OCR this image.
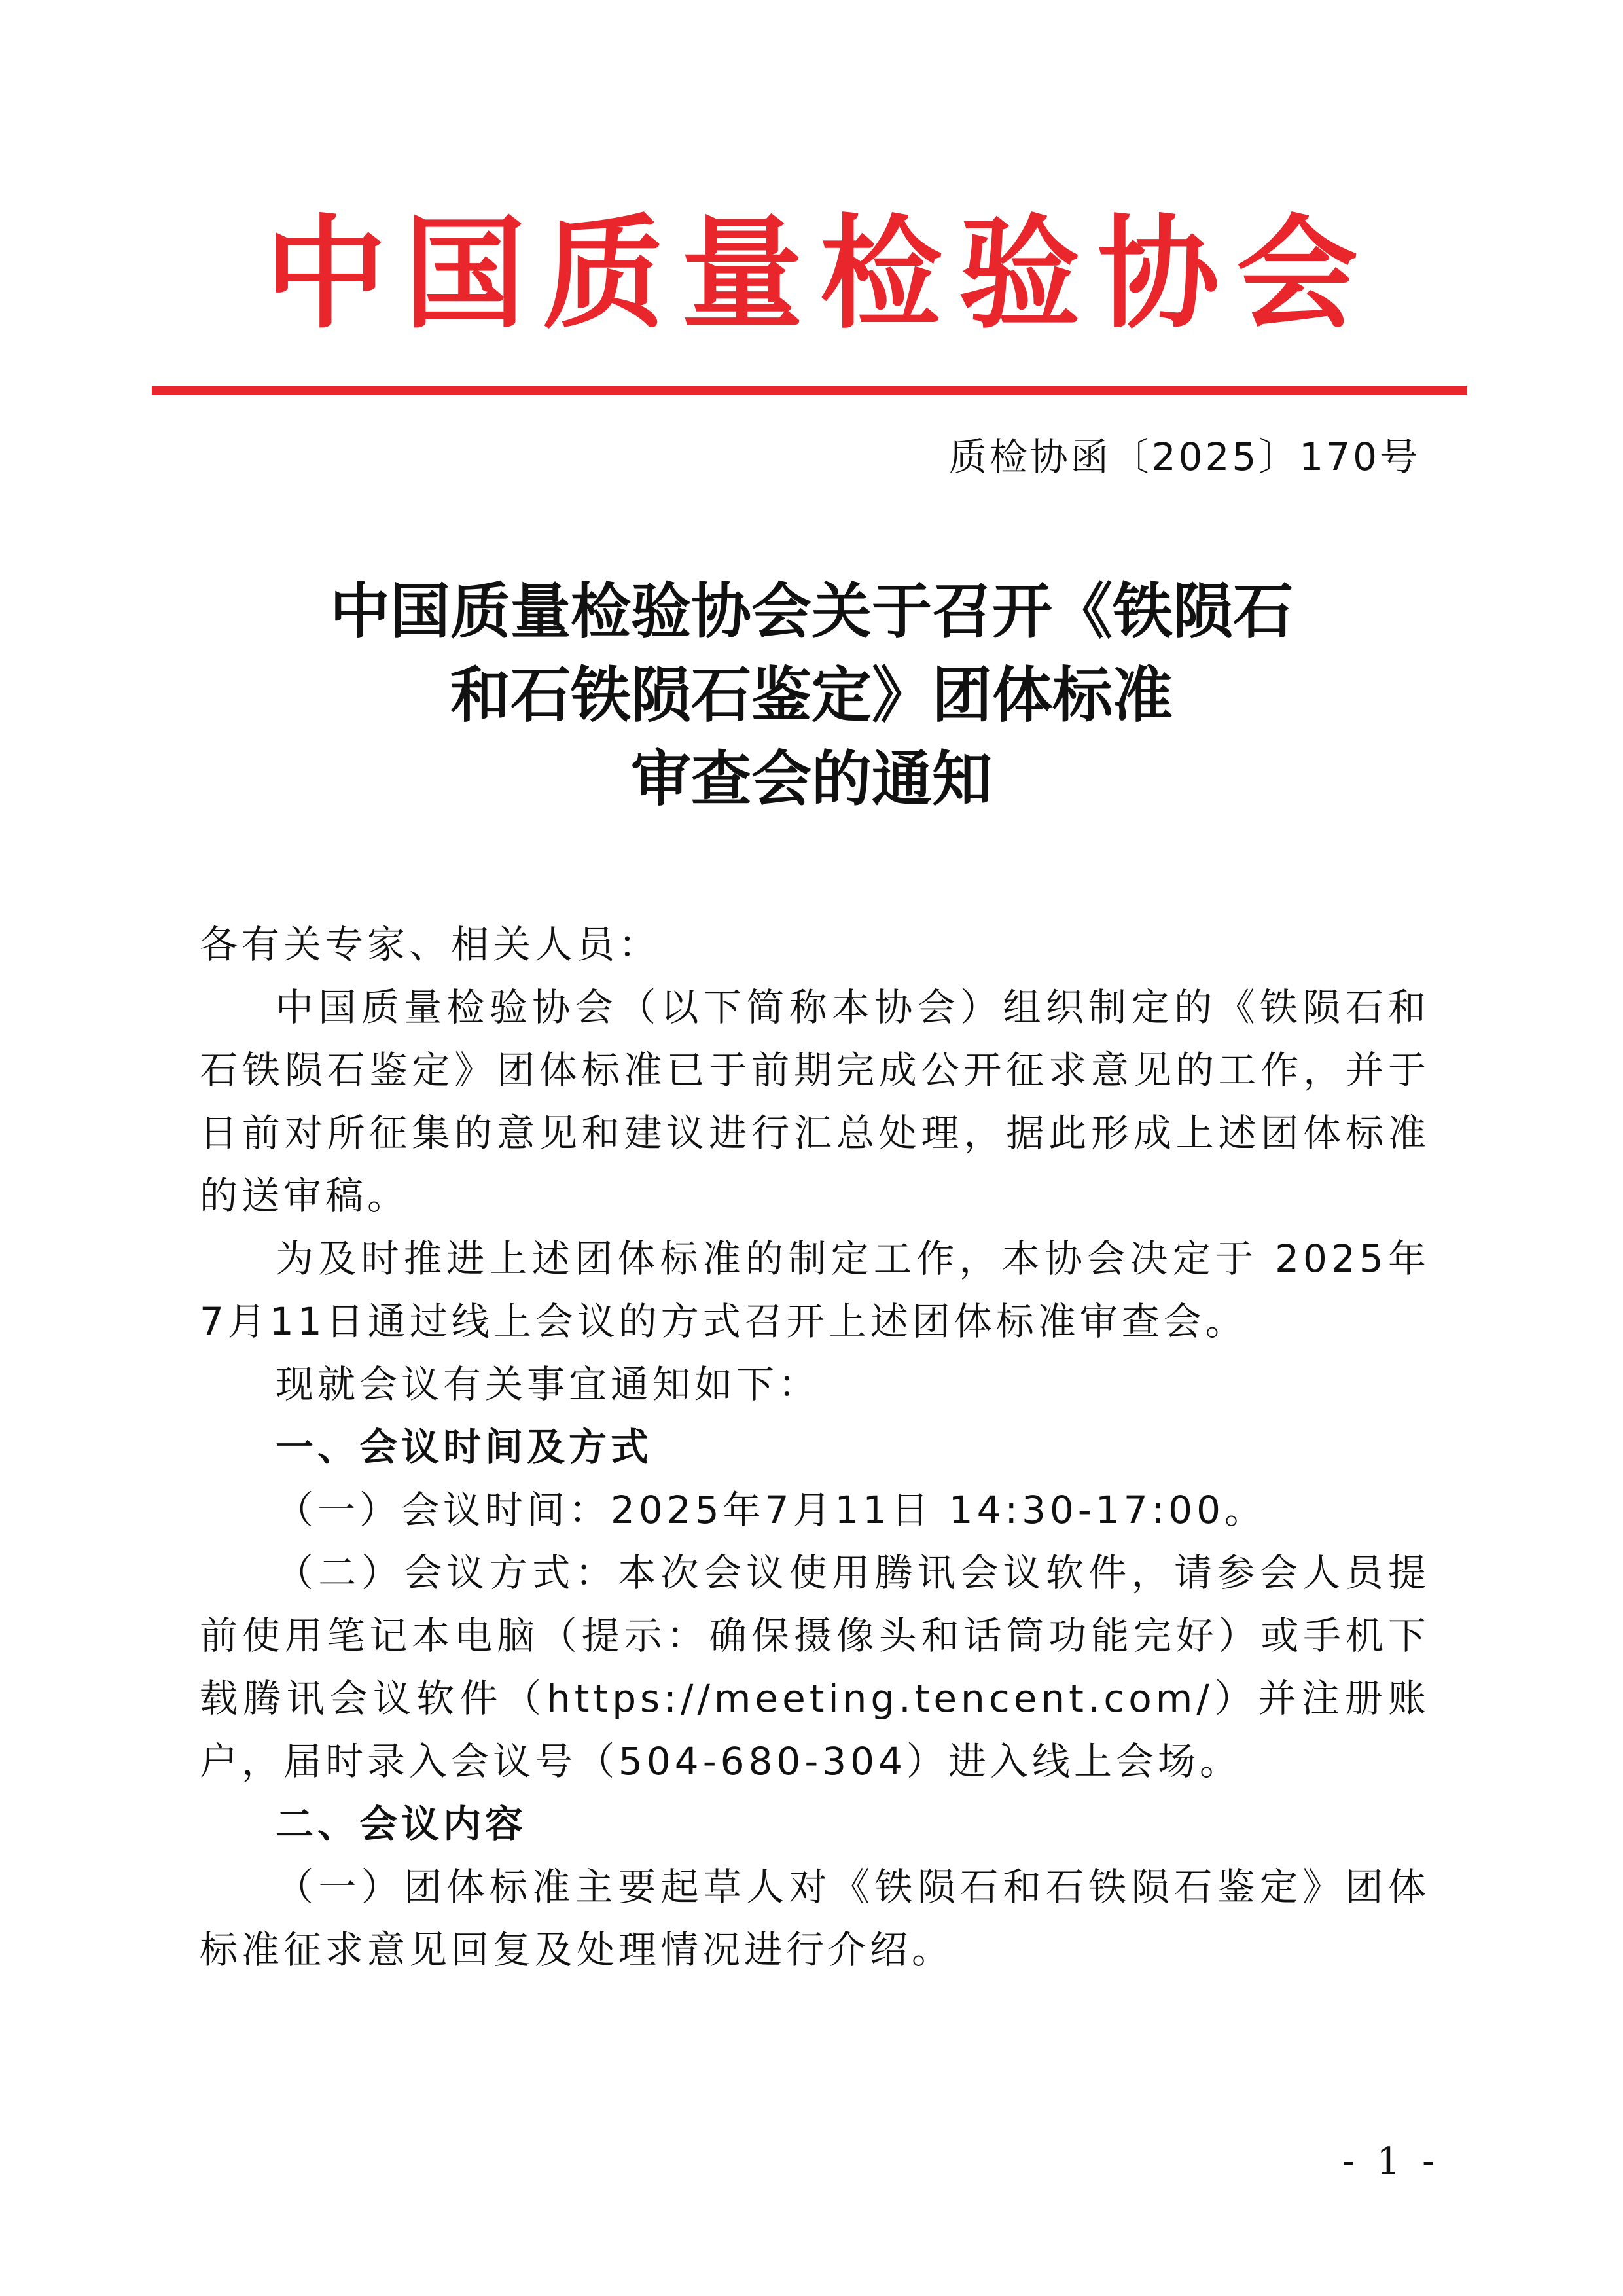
中国质量检验协会
质检协函〔2025〕170号
中国质量检验协会关于召开《铁陨石
和石铁陨石鉴定》团体标准
审查会的通知

各有关专家、相关人员：

中国质量检验协会（以下简称本协会）组织制定的《铁陨石和石铁陨石鉴定》团体标准已于前期完成公开征求意见的工作，并于日前对所征集的意见和建议进行汇总处理，据此形成上述团体标准的送审稿。

为及时推进上述团体标准的制定工作，本协会决定于 2025年7月11日通过线上会议的方式召开上述团体标准审查会。

现就会议有关事宜通知如下：

一、会议时间及方式

（一）会议时间：2025年7月11日 14:30-17:00。

（二）会议方式：本次会议使用腾讯会议软件，请参会人员提前使用笔记本电脑（提示：确保摄像头和话筒功能完好）或手机下载腾讯会议软件（https://meeting.tencent.com/）并注册账户，届时录入会议号（504-680-304）进入线上会场。

二、会议内容

（一）团体标准主要起草人对《铁陨石和石铁陨石鉴定》团体标准征求意见回复及处理情况进行介绍。

- 1 -
